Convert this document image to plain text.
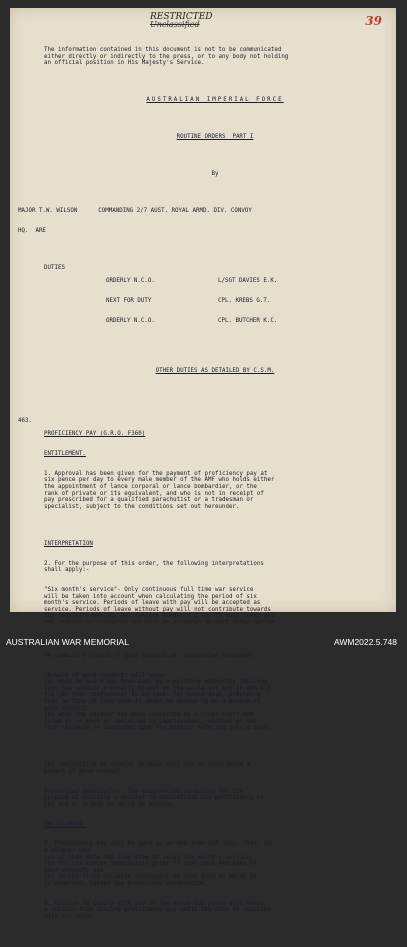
RESTRICTED
Unclassified	39

The information contained in this document is not to be communicated
either directly or indirectly to the press, or to any body not holding
an official position in His Majesty's Service.

AUSTRALIAN IMPERIAL FORCE

ROUTINE ORDERS  PART I

By

MAJOR T.W. WILSON      COMMANDING 2/7 AUST. ROYAL ARMD. DIV. CONVOY

HQ.  ARE

DUTIES

ORDERLY N.C.O.

NEXT FOR DUTY

ORDERLY N.C.O.

L/SGT DAVIES E.K.

CPL. KREBS G.T.

CPL. BUTCHER K.C.

OTHER DUTIES AS DETAILED BY C.S.M.

463.

PROFICIENCY PAY (G.R.O. F360)

ENTITLEMENT.

1. Approval has been given for the payment of proficiency pay at
six pence per day to every male member of the AMF who holds either
the appointment of lance corporal or lance bombardier, or the
rank of private or its equivalent, and who is not in receipt of
pay prescribed for a qualified parachutist or a tradesman or
specialist, subject to the conditions set out hereunder.

INTERPRETATION

2. For the purpose of this order, the following interpretations
shall apply:-

"Six month's service"- Only continuous full time war service
will be taken into account when calculating the period of six
month's service. Periods of leave with pay will be accepted as
service. Periods of leave without pay will not contribute towards
the requisite period, but service rendered prior to such leave will

he commits a breach of good conduct as interpreted hereunder.

"Breach of good conduct" will occur-
(a) when an award has been made by a military authority imposing
upon the soldier a penalty higher in the scale set out in AMR & O
416 (b) than confinement to barracks for seven days, providing
that no fine of less than £1 shall be deemed to be a breach of
good conduct.
(b) when the soldier has been convicted by a civil court and
fined £5 or more or sentenced to imprisonment, whether or not
such sentence is suspended upon the soldier entering into a bond.

The contraction of veneral disease will not be considered a
breach of good conduct.

Prescribed examination. The examination conducted for the
purpose of enabling a soldier to demonstrate his proficiency in
the arm or branch to which he belongs.

ENTITLEMENT.

3. Proficiency pay will be paid as on and from 1st July, 1943, to
a soldier who-
(a) at that date had completed at least six month's service;
(b) for six months immediately prior to that date had been of
good conduct; and
(c) on the first occasion subsequent to that date on which he
is examined, passes the prescribed examination.

4. Failure to comply with any of the above sub paras will debar
a soldier from drawing proficiency pay until the date he complies
with all three.

AUSTRALIAN WAR MEMORIAL	AWM2022.5.748
